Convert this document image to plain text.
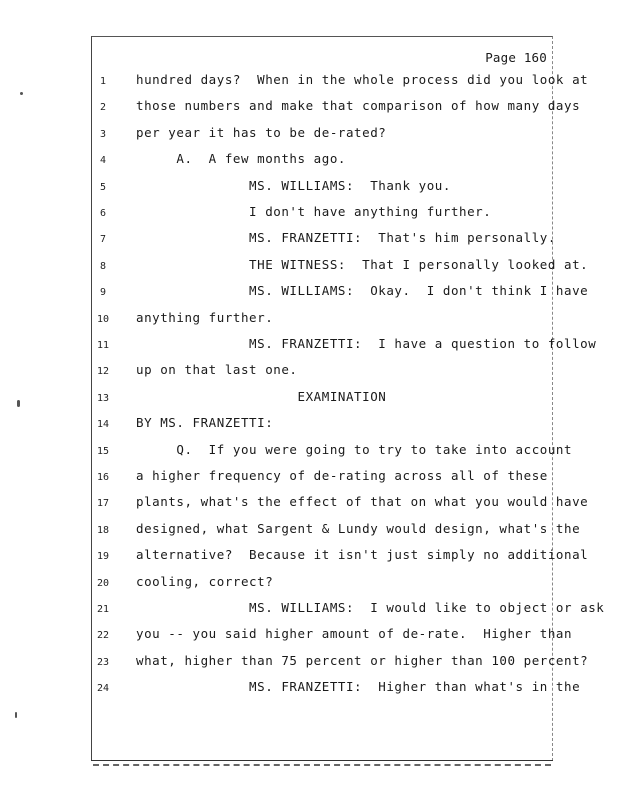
Page 160
1	hundred days?  When in the whole process did you look at
2	those numbers and make that comparison of how many days
3	per year it has to be de-rated?
4	A.  A few months ago.
5	MS. WILLIAMS:  Thank you.
6	I don't have anything further.
7	MS. FRANZETTI:  That's him personally.
8	THE WITNESS:  That I personally looked at.
9	MS. WILLIAMS:  Okay.  I don't think I have
10 anything further.
11 MS. FRANZETTI:  I have a question to follow
12 up on that last one.
13 EXAMINATION
14 BY MS. FRANZETTI:
15 Q.  If you were going to try to take into account
16 a higher frequency of de-rating across all of these
17 plants, what's the effect of that on what you would have
18 designed, what Sargent & Lundy would design, what's the
19 alternative?  Because it isn't just simply no additional
20 cooling, correct?
21 MS. WILLIAMS:  I would like to object or ask
22 you -- you said higher amount of de-rate.  Higher than
23 what, higher than 75 percent or higher than 100 percent?
24 MS. FRANZETTI:  Higher than what's in the
